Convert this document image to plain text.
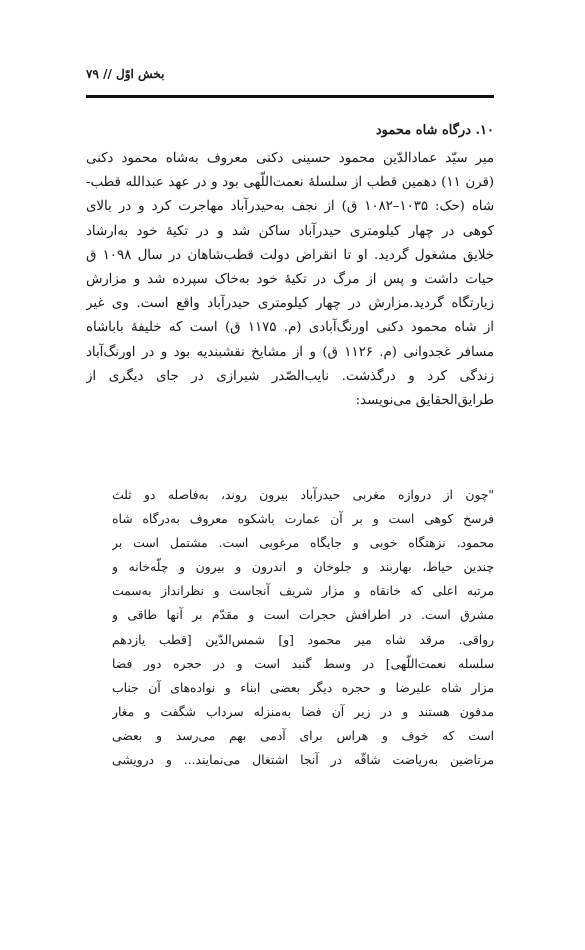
بخش اوّل // ۷۹
۱۰. درگاه شاه محمود
میر سیّد عمادالدّین محمود حسینی دکنی معروف به‌شاه محمود دکنی
(قرن ۱۱) دهمین قطب از سلسلهٔ نعمت‌اللّهی بود و در عهد عبدالله قطب-
شاه (حک: ۱۰۳۵–۱۰۸۲ ق) از نجف به‌حیدرآباد مهاجرت کرد و در بالای
کوهی در چهار کیلومتری حیدرآباد ساکن شد و در تکیهٔ خود به‌ارشاد
خلایق مشغول گردید. او تا انقراض دولت قطب‌شاهان در سال ۱۰۹۸ ق
حیات داشت و پس از مرگ در تکیهٔ خود به‌خاک سپرده شد و مزارش
زیارتگاه گردید.مزارش در چهار کیلومتری حیدرآباد واقع است. وی غیر
از شاه محمود دکنی اورنگ‌آبادی (م. ۱۱۷۵ ق) است که خلیفهٔ باباشاه
مسافر غجدوانی (م. ۱۱۲۶ ق) و از مشایخ نقشبندیه بود و در اورنگ‌آباد
زندگی کرد و درگذشت. نایب‌الصّدر شیرازی در جای دیگری از
طرایق‌الحقایق می‌نویسد:
"چون از دروازه مغربی حیدرآباد بیرون روند، به‌فاصله دو ثلث
فرسخ کوهی است و بر آن عمارت باشکوه معروف به‌درگاه شاه
محمود. نزهتگاه خوبی و جایگاه مرغوبی است. مشتمل است بر
چندین حیاط، بهاربند و جلوخان و اندرون و بیرون و چلّه‌خانه و
مرتبه اعلی که خانقاه و مزار شریف آنجاست و نظرانداز به‌سمت
مشرق است. در اطرافش حجرات است و مقدّم بر آنها طاقی و
رواقی. مرقد شاه میر محمود [و] شمس‌الدّین [قطب یازدهم
سلسله نعمت‌اللّهی] در وسط گنبد است و در حجره دور فضا
مزار شاه علیرضا و حجره دیگر بعضی ابناء و نواده‌های آن جناب
مدفون هستند و در زیر آن فضا به‌منزله سرداب شگفت و مغار
است که خوف و هراس برای آدمی بهم می‌رسد و بعضی
مرتاضین به‌ریاضت شاقّه در آنجا اشتغال می‌نمایند... و درویشی
